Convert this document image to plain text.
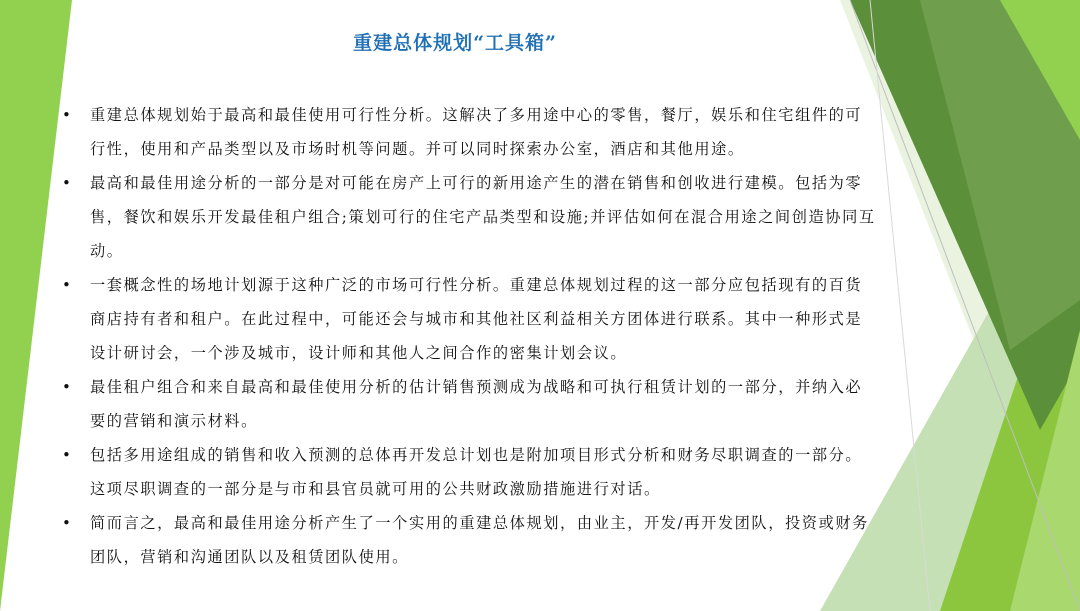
重建总体规划“工具箱”
• 重建总体规划始于最高和最佳使用可行性分析。这解决了多用途中心的零售，餐厅，娱乐和住宅组件的可行性，使用和产品类型以及市场时机等问题。并可以同时探索办公室，酒店和其他用途。
• 最高和最佳用途分析的一部分是对可能在房产上可行的新用途产生的潜在销售和创收进行建模。包括为零售，餐饮和娱乐开发最佳租户组合;策划可行的住宅产品类型和设施;并评估如何在混合用途之间创造协同互动。
• 一套概念性的场地计划源于这种广泛的市场可行性分析。重建总体规划过程的这一部分应包括现有的百货商店持有者和租户。在此过程中，可能还会与城市和其他社区利益相关方团体进行联系。其中一种形式是设计研讨会，一个涉及城市，设计师和其他人之间合作的密集计划会议。
• 最佳租户组合和来自最高和最佳使用分析的估计销售预测成为战略和可执行租赁计划的一部分，并纳入必要的营销和演示材料。
• 包括多用途组成的销售和收入预测的总体再开发总计划也是附加项目形式分析和财务尽职调查的一部分。这项尽职调查的一部分是与市和县官员就可用的公共财政激励措施进行对话。
• 简而言之，最高和最佳用途分析产生了一个实用的重建总体规划，由业主，开发/再开发团队，投资或财务团队，营销和沟通团队以及租赁团队使用。
